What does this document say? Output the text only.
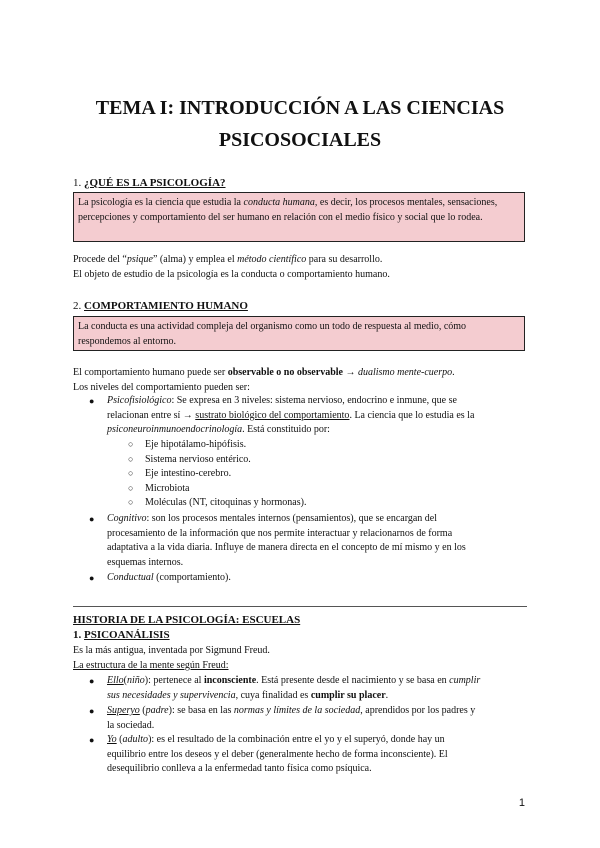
TEMA I: INTRODUCCIÓN A LAS CIENCIAS
PSICOSOCIALES
1. ¿QUÉ ES LA PSICOLOGÍA?
La psicología es la ciencia que estudia la conducta humana, es decir, los procesos mentales, sensaciones, percepciones y comportamiento del ser humano en relación con el medio físico y social que lo rodea.
Procede del “psique” (alma) y emplea el método científico para su desarrollo.
El objeto de estudio de la psicología es la conducta o comportamiento humano.
2. COMPORTAMIENTO HUMANO
La conducta es una actividad compleja del organismo como un todo de respuesta al medio, cómo respondemos al entorno.
El comportamiento humano puede ser observable o no observable → dualismo mente-cuerpo.
Los niveles del comportamiento pueden ser:
● Psicofisiológico: Se expresa en 3 niveles: sistema nervioso, endocrino e inmune, que se
relacionan entre sí → sustrato biológico del comportamiento. La ciencia que lo estudia es la
psiconeuroinmunoendocrinología. Está constituido por:
○ Eje hipotálamo-hipófisis.
○ Sistema nervioso entérico.
○ Eje intestino-cerebro.
○ Microbiota
○ Moléculas (NT, citoquinas y hormonas).
● Cognitivo: son los procesos mentales internos (pensamientos), que se encargan del
procesamiento de la información que nos permite interactuar y relacionarnos de forma
adaptativa a la vida diaria. Influye de manera directa en el concepto de mí mismo y en los
esquemas internos.
● Conductual (comportamiento).
HISTORIA DE LA PSICOLOGÍA: ESCUELAS
1. PSICOANÁLISIS
Es la más antigua, inventada por Sigmund Freud.
La estructura de la mente según Freud:
● Ello(niño): pertenece al inconsciente. Está presente desde el nacimiento y se basa en cumplir
sus necesidades y supervivencia, cuya finalidad es cumplir su placer.
● Superyo (padre): se basa en las normas y límites de la sociedad, aprendidos por los padres y
la sociedad.
● Yo (adulto): es el resultado de la combinación entre el yo y el superyó, donde hay un
equilibrio entre los deseos y el deber (generalmente hecho de forma inconsciente). El
desequilibrio conlleva a la enfermedad tanto física como psíquica.
1
